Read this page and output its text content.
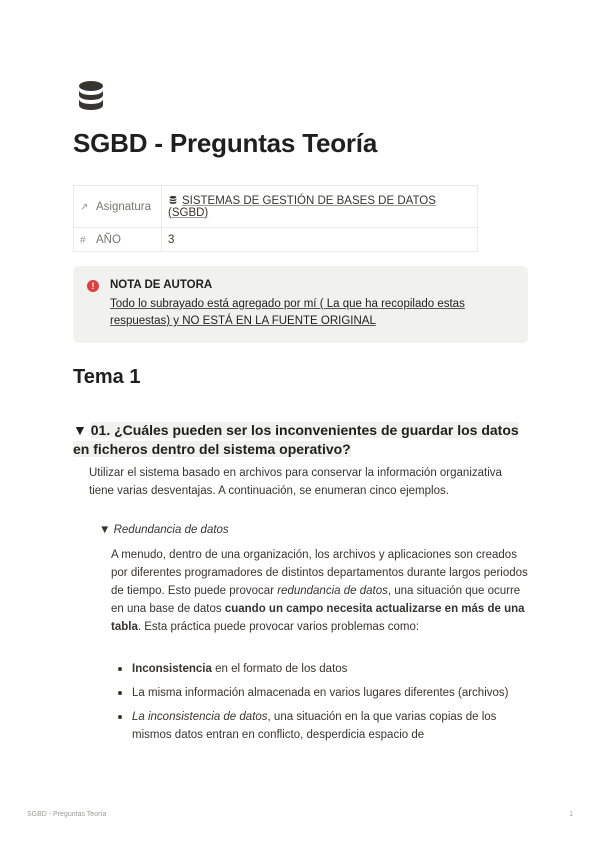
SGBD - Preguntas Teoría
↗ Asignatura	SISTEMAS DE GESTIÓN DE BASES DE DATOS (SGBD)
# AÑO	3
!	NOTA DE AUTORA
Todo lo subrayado está agregado por mí ( La que ha recopilado estas
respuestas) y NO ESTÁ EN LA FUENTE ORIGINAL
Tema 1
▼ 01. ¿Cuáles pueden ser los inconvenientes de guardar los datos en ficheros dentro del sistema operativo?

Utilizar el sistema basado en archivos para conservar la información organizativa tiene varias desventajas. A continuación, se enumeran cinco ejemplos.

▼ Redundancia de datos

A menudo, dentro de una organización, los archivos y aplicaciones son creados por diferentes programadores de distintos departamentos durante largos periodos de tiempo. Esto puede provocar redundancia de datos, una situación que ocurre en una base de datos cuando un campo necesita actualizarse en más de una tabla. Esta práctica puede provocar varios problemas como:

Inconsistencia en el formato de los datos
La misma información almacenada en varios lugares diferentes (archivos)
La inconsistencia de datos, una situación en la que varias copias de los mismos datos entran en conflicto, desperdicia espacio de
SGBD - Preguntas Teoría	1
